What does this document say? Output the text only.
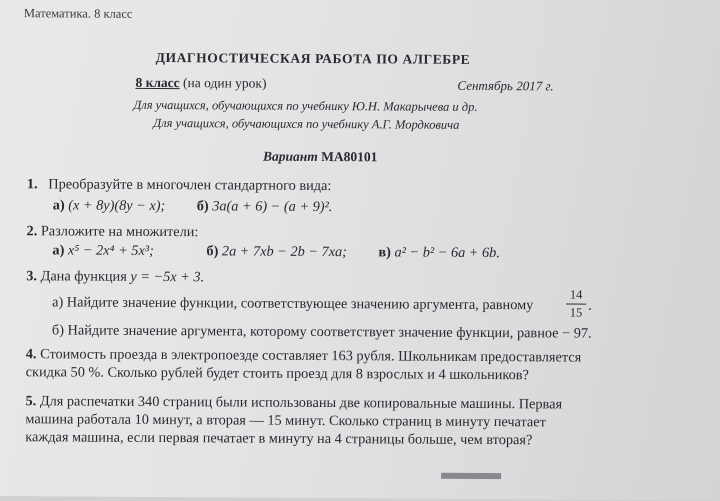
Математика. 8 класс
ДИАГНОСТИЧЕСКАЯ РАБОТА ПО АЛГЕБРЕ
8 класс (на один урок)	Сентябрь 2017 г.
Для учащихся, обучающихся по учебнику Ю.Н. Макарычева и др.
Для учащихся, обучающихся по учебнику А.Г. Мордковича
Вариант МА80101
1. Преобразуйте в многочлен стандартного вида:
а) (x + 8y)(8y − x); б) 3a(a + 6) − (a + 9)².
2. Разложите на множители:
а) x⁵ − 2x⁴ + 5x³;	б) 2a + 7xb − 2b − 7xa; в) a² − b² − 6a + 6b.
3. Дана функция y = −5x + 3.
а) Найдите значение функции, соответствующее значению аргумента, равному	14
15 .
б) Найдите значение аргумента, которому соответствует значение функции, равное − 97.
4. Стоимость проезда в электропоезде составляет 163 рубля. Школьникам предоставляется
скидка 50 %. Сколько рублей будет стоить проезд для 8 взрослых и 4 школьников?
5. Для распечатки 340 страниц были использованы две копировальные машины. Первая
машина работала 10 минут, а вторая — 15 минут. Сколько страниц в минуту печатает
каждая машина, если первая печатает в минуту на 4 страницы больше, чем вторая?
